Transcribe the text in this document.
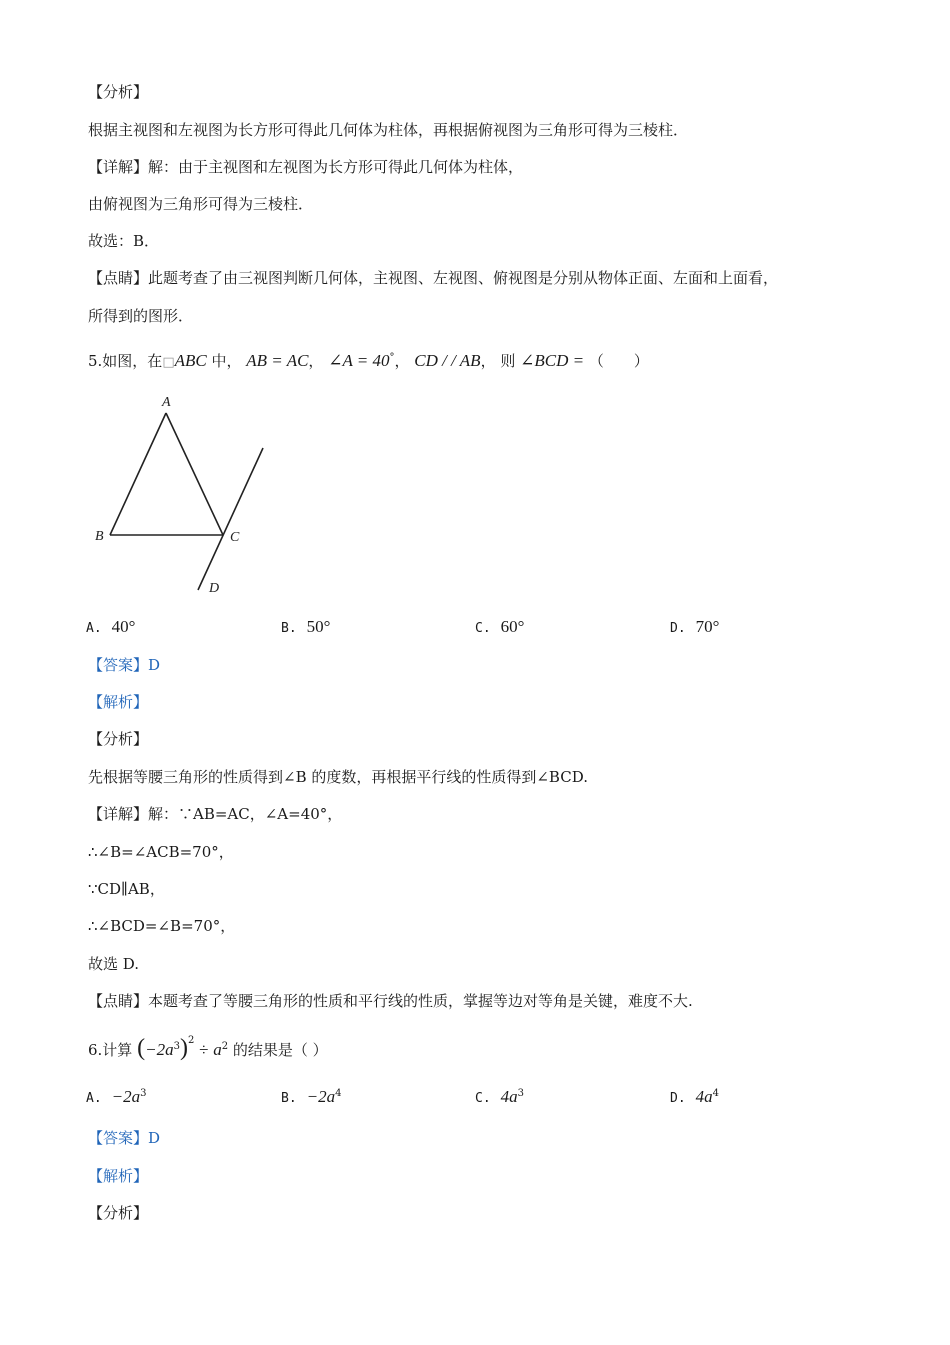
【分析】
根据主视图和左视图为长方形可得此几何体为柱体，再根据俯视图为三角形可得为三棱柱．
【详解】解：由于主视图和左视图为长方形可得此几何体为柱体，
由俯视图为三角形可得为三棱柱．
故选：B．
【点睛】此题考查了由三视图判断几何体，主视图、左视图、俯视图是分别从物体正面、左面和上面看，
所得到的图形．
5.如图，在□ABC 中， AB = AC， ∠A = 40°， CD / / AB， 则 ∠BCD = （　　）
A
B	C
D
A. 40°	B. 50°	C. 60°	D. 70°
【答案】D
【解析】
【分析】
先根据等腰三角形的性质得到∠B 的度数，再根据平行线的性质得到∠BCD.
【详解】解：∵AB=AC，∠A=40°，
∴∠B=∠ACB=70°，
∵CD∥AB，
∴∠BCD=∠B=70°，
故选 D.
【点睛】本题考查了等腰三角形的性质和平行线的性质，掌握等边对等角是关键，难度不大.
6.计算 $(-2a^3)^2 \div a^2$ 的结果是（ ）
A. $-2a^3$	B. $-2a^4$	C. $4a^3$	D. $4a^4$
【答案】D
【解析】
【分析】
